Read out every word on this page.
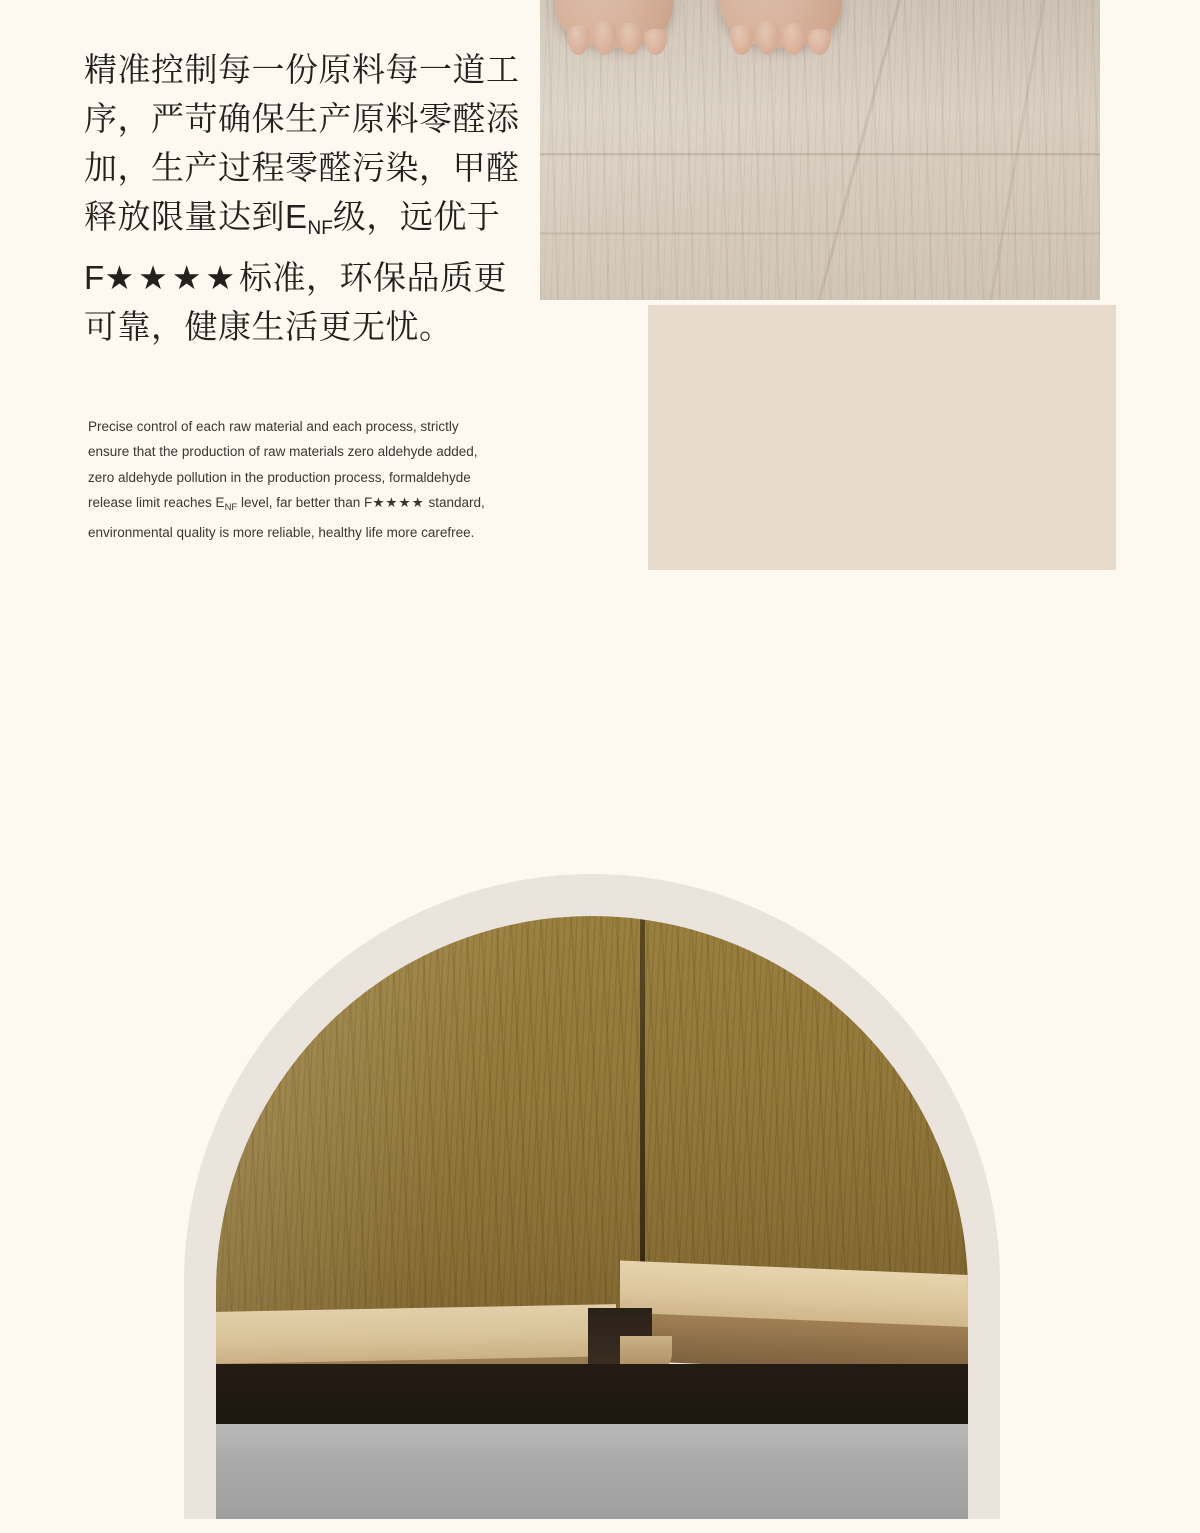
精准控制每一份原料每一道工
序，严苛确保生产原料零醛添
加，生产过程零醛污染，甲醛
释放限量达到$E_{NF}$级，远优于
F★★★★标准，环保品质更
可靠，健康生活更无忧。

Precise control of each raw material and each process, strictly ensure that the production of raw materials zero aldehyde added, zero aldehyde pollution in the production process, formaldehyde release limit reaches $E_{NF}$ level, far better than F★★★★ standard, environmental quality is more reliable, healthy life more carefree.
